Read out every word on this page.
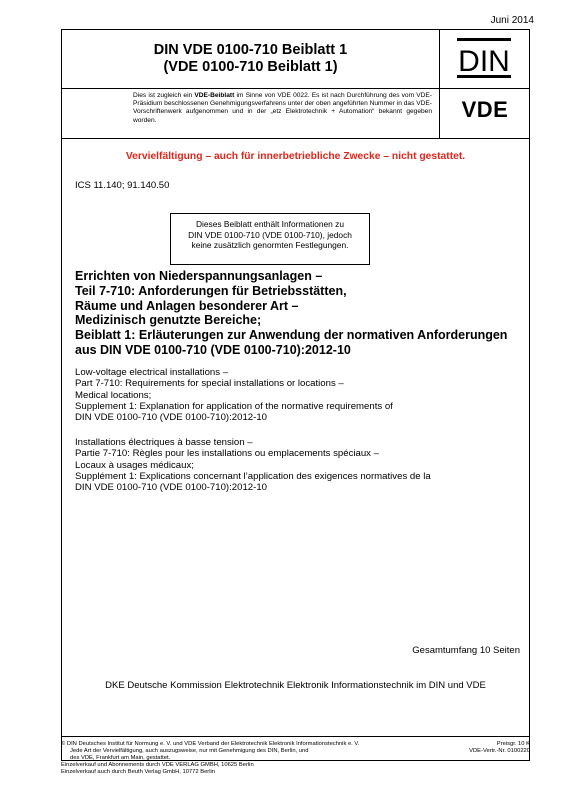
Juni 2014
DIN VDE 0100-710 Beiblatt 1
(VDE 0100-710 Beiblatt 1)	DIN
VDE
Dies ist zugleich ein VDE-Beiblatt im Sinne von VDE 0022. Es ist nach Durchführung des vom VDE-Präsidium beschlossenen Genehmigungsverfahrens unter der oben angeführten Nummer in das VDE-Vorschriftenwerk aufgenommen und in der „etz Elektrotechnik + Automation“ bekannt gegeben worden.
Vervielfältigung – auch für innerbetriebliche Zwecke – nicht gestattet.
ICS 11.140; 91.140.50
Dieses Beiblatt enthält Informationen zu
DIN VDE 0100-710 (VDE 0100-710), jedoch
keine zusätzlich genormten Festlegungen.
Errichten von Niederspannungsanlagen –
Teil 7-710: Anforderungen für Betriebsstätten,
Räume und Anlagen besonderer Art –
Medizinisch genutzte Bereiche;
Beiblatt 1: Erläuterungen zur Anwendung der normativen Anforderungen
aus DIN VDE 0100-710 (VDE 0100-710):2012-10
Low-voltage electrical installations –
Part 7-710: Requirements for special installations or locations –
Medical locations;
Supplement 1: Explanation for application of the normative requirements of
DIN VDE 0100-710 (VDE 0100-710):2012-10
Installations électriques à basse tension –
Partie 7-710: Règles pour les installations ou emplacements spéciaux –
Locaux à usages médicaux;
Supplément 1: Explications concernant l’application des exigences normatives de la
DIN VDE 0100-710 (VDE 0100-710):2012-10
Gesamtumfang 10 Seiten
DKE Deutsche Kommission Elektrotechnik Elektronik Informationstechnik im DIN und VDE
© DIN Deutsches Institut für Normung e. V. und VDE Verband der Elektrotechnik Elektronik Informationstechnik e. V.
Jede Art der Vervielfältigung, auch auszugsweise, nur mit Genehmigung des DIN, Berlin, und
des VDE, Frankfurt am Main, gestattet.
Einzelverkauf und Abonnements durch VDE VERLAG GMBH, 10625 Berlin
Einzelverkauf auch durch Beuth Verlag GmbH, 10772 Berlin
Preisgr. 10 K
VDE-Vertr.-Nr. 0100220
